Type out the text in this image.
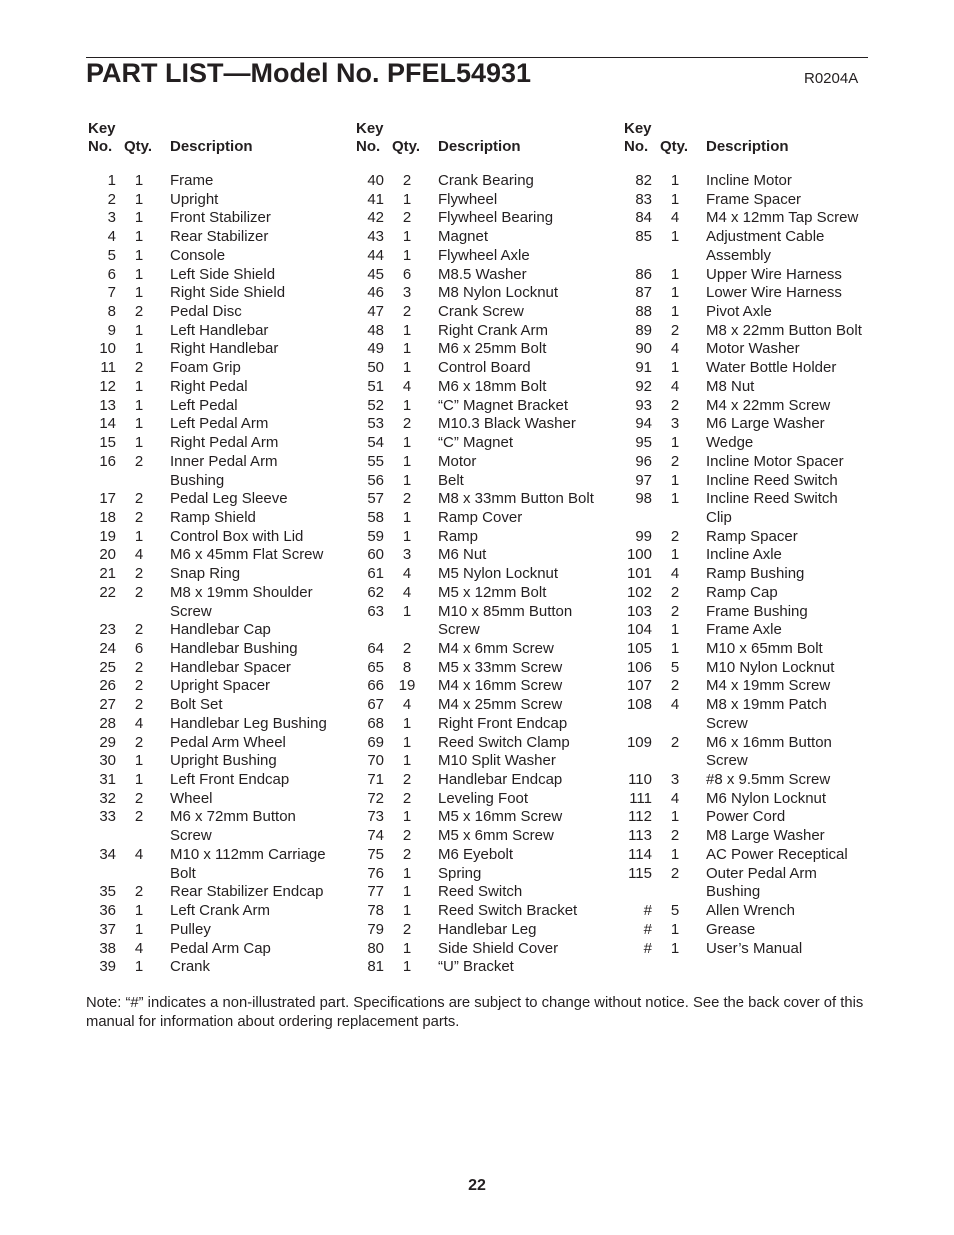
PART LIST—Model No. PFEL54931	R0204A
Key
No. Qty. Description
1	1	Frame
2	1	Upright
3	1	Front Stabilizer
4	1	Rear Stabilizer
5	1	Console
6	1	Left Side Shield
7	1	Right Side Shield
8	2	Pedal Disc
9	1	Left Handlebar
10	1	Right Handlebar
11	2	Foam Grip
12	1	Right Pedal
13	1	Left Pedal
14	1	Left Pedal Arm
15	1	Right Pedal Arm
16	2	Inner Pedal Arm
Bushing
17	2	Pedal Leg Sleeve
18	2	Ramp Shield
19	1	Control Box with Lid
20	4	M6 x 45mm Flat Screw
21	2	Snap Ring
22	2	M8 x 19mm Shoulder
Screw
23	2	Handlebar Cap
24	6	Handlebar Bushing
25	2	Handlebar Spacer
26	2	Upright Spacer
27	2	Bolt Set
28	4	Handlebar Leg Bushing
29	2	Pedal Arm Wheel
30	1	Upright Bushing
31	1	Left Front Endcap
32	2	Wheel
33	2	M6 x 72mm Button
Screw
34	4	M10 x 112mm Carriage
Bolt
35	2	Rear Stabilizer Endcap
36	1	Left Crank Arm
37	1	Pulley
38	4	Pedal Arm Cap
39	1	Crank
Key
No. Qty. Description
40	2	Crank Bearing
41	1	Flywheel
42	2	Flywheel Bearing
43	1	Magnet
44	1	Flywheel Axle
45	6	M8.5 Washer
46	3	M8 Nylon Locknut
47	2	Crank Screw
48	1	Right Crank Arm
49	1	M6 x 25mm Bolt
50	1	Control Board
51	4	M6 x 18mm Bolt
52	1	“C” Magnet Bracket
53	2	M10.3 Black Washer
54	1	“C” Magnet
55	1	Motor
56	1	Belt
57	2	M8 x 33mm Button Bolt
58	1	Ramp Cover
59	1	Ramp
60	3	M6 Nut
61	4	M5 Nylon Locknut
62	4	M5 x 12mm Bolt
63	1	M10 x 85mm Button
Screw
64	2	M4 x 6mm Screw
65	8	M5 x 33mm Screw
66 19 M4 x 16mm Screw
67	4	M4 x 25mm Screw
68	1	Right Front Endcap
69	1	Reed Switch Clamp
70	1	M10 Split Washer
71	2	Handlebar Endcap
72	2	Leveling Foot
73	1	M5 x 16mm Screw
74	2	M5 x 6mm Screw
75	2	M6 Eyebolt
76	1	Spring
77	1	Reed Switch
78	1	Reed Switch Bracket
79	2	Handlebar Leg
80	1	Side Shield Cover
81	1	“U” Bracket
Key
No. Qty. Description
82	1	Incline Motor
83	1	Frame Spacer
84	4	M4 x 12mm Tap Screw
85	1	Adjustment Cable
Assembly
86	1	Upper Wire Harness
87	1	Lower Wire Harness
88	1	Pivot Axle
89	2	M8 x 22mm Button Bolt
90	4	Motor Washer
91	1	Water Bottle Holder
92	4	M8 Nut
93	2	M4 x 22mm Screw
94	3	M6 Large Washer
95	1	Wedge
96	2	Incline Motor Spacer
97	1	Incline Reed Switch
98	1	Incline Reed Switch
Clip
99	2	Ramp Spacer
100	1	Incline Axle
101	4	Ramp Bushing
102	2	Ramp Cap
103	2	Frame Bushing
104	1	Frame Axle
105	1	M10 x 65mm Bolt
106	5	M10 Nylon Locknut
107	2	M4 x 19mm Screw
108	4	M8 x 19mm Patch
Screw
109	2	M6 x 16mm Button
Screw
110	3	#8 x 9.5mm Screw
111	4	M6 Nylon Locknut
112	1	Power Cord
113	2	M8 Large Washer
114	1	AC Power Receptical
115	2	Outer Pedal Arm
Bushing
#	5	Allen Wrench
#	1	Grease
#	1	User’s Manual
Note: “#” indicates a non-illustrated part. Specifications are subject to change without notice. See the back cover of this manual for information about ordering replacement parts.
22
